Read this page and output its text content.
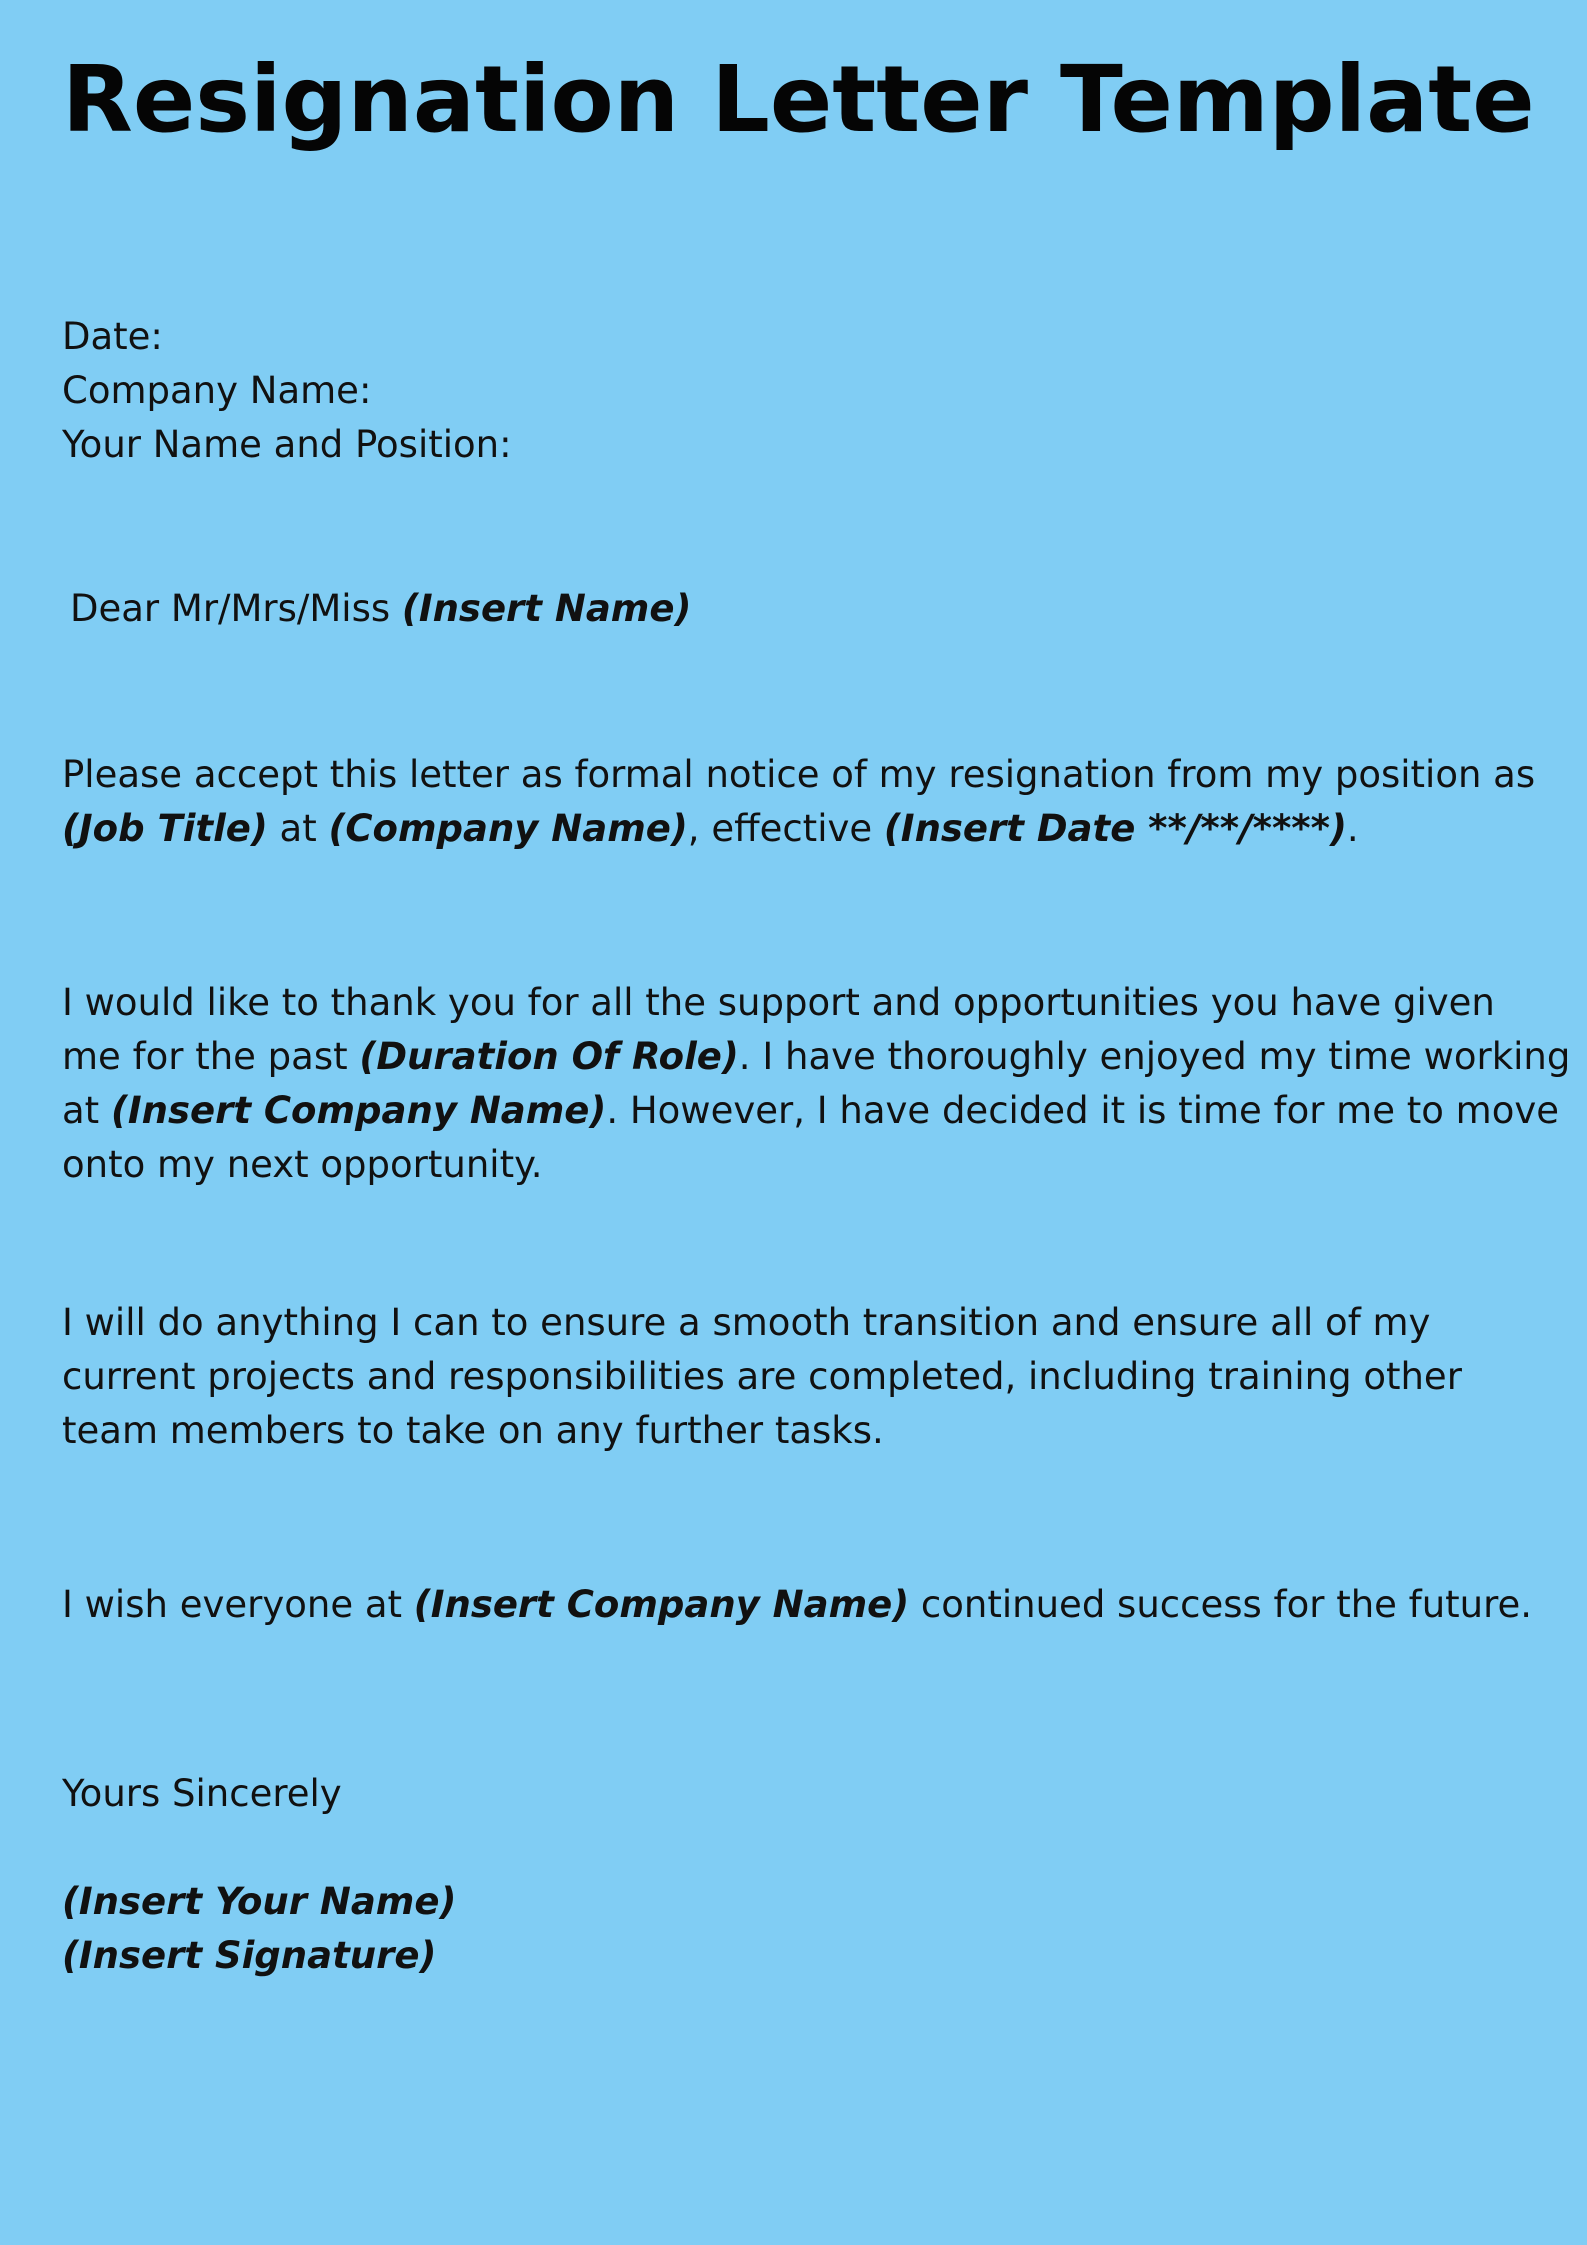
Resignation Letter Template
Date:
Company Name:
Your Name and Position:
Dear Mr/Mrs/Miss (Insert Name)
Please accept this letter as formal notice of my resignation from my position as
(Job Title) at (Company Name), effective (Insert Date **/**/****).
I would like to thank you for all the support and opportunities you have given
me for the past (Duration Of Role). I have thoroughly enjoyed my time working
at (Insert Company Name). However, I have decided it is time for me to move
onto my next opportunity.
I will do anything I can to ensure a smooth transition and ensure all of my
current projects and responsibilities are completed, including training other
team members to take on any further tasks.
I wish everyone at (Insert Company Name) continued success for the future.
Yours Sincerely
(Insert Your Name)
(Insert Signature)
